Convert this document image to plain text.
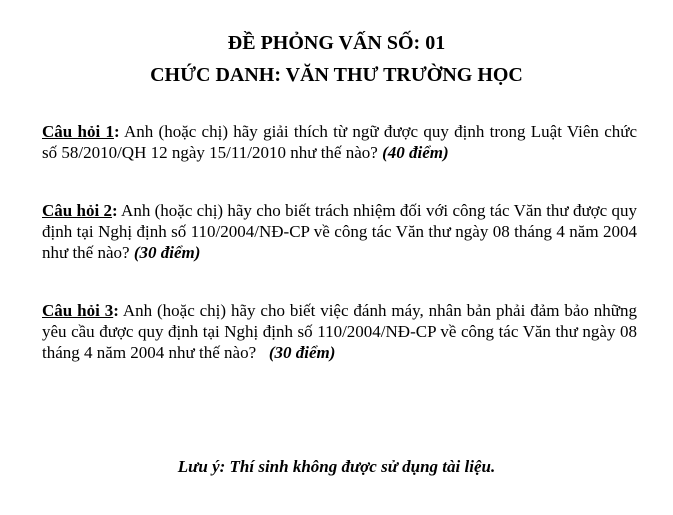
ĐỀ PHỎNG VẤN SỐ: 01
CHỨC DANH: VĂN THƯ TRƯỜNG HỌC

Câu hỏi 1: Anh (hoặc chị) hãy giải thích từ ngữ được quy định trong Luật Viên chức số 58/2010/QH 12 ngày 15/11/2010 như thế nào? (40 điểm)

Câu hỏi 2: Anh (hoặc chị) hãy cho biết trách nhiệm đối với công tác Văn thư được quy định tại Nghị định số 110/2004/NĐ-CP về công tác Văn thư ngày 08 tháng 4 năm 2004 như thế nào? (30 điểm)

Câu hỏi 3: Anh (hoặc chị) hãy cho biết việc đánh máy, nhân bản phải đảm bảo những yêu cầu được quy định tại Nghị định số 110/2004/NĐ-CP về công tác Văn thư ngày 08 tháng 4 năm 2004 như thế nào?   (30 điểm)

Lưu ý: Thí sinh không được sử dụng tài liệu.
